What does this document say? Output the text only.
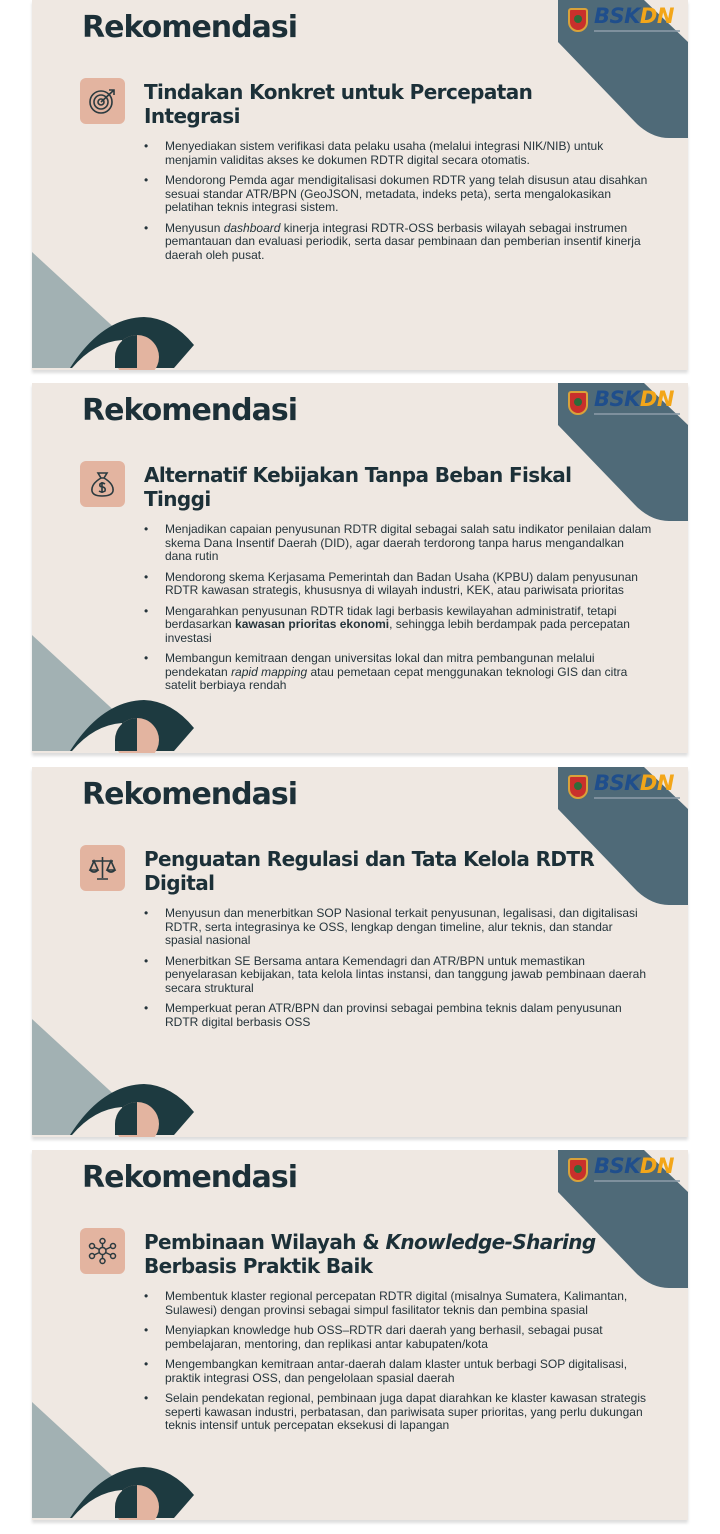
Rekomendasi	BSKDN
Tindakan Konkret untuk Percepatan Integrasi
• Menyediakan sistem verifikasi data pelaku usaha (melalui integrasi NIK/NIB) untuk menjamin validitas akses ke dokumen RDTR digital secara otomatis.
• Mendorong Pemda agar mendigitalisasi dokumen RDTR yang telah disusun atau disahkan sesuai standar ATR/BPN (GeoJSON, metadata, indeks peta), serta mengalokasikan pelatihan teknis integrasi sistem.
• Menyusun dashboard kinerja integrasi RDTR-OSS berbasis wilayah sebagai instrumen pemantauan dan evaluasi periodik, serta dasar pembinaan dan pemberian insentif kinerja daerah oleh pusat.
Rekomendasi	BSKDN
Alternatif Kebijakan Tanpa Beban Fiskal Tinggi
• Menjadikan capaian penyusunan RDTR digital sebagai salah satu indikator penilaian dalam skema Dana Insentif Daerah (DID), agar daerah terdorong tanpa harus mengandalkan dana rutin
• Mendorong skema Kerjasama Pemerintah dan Badan Usaha (KPBU) dalam penyusunan RDTR kawasan strategis, khususnya di wilayah industri, KEK, atau pariwisata prioritas
• Mengarahkan penyusunan RDTR tidak lagi berbasis kewilayahan administratif, tetapi berdasarkan kawasan prioritas ekonomi, sehingga lebih berdampak pada percepatan investasi
• Membangun kemitraan dengan universitas lokal dan mitra pembangunan melalui pendekatan rapid mapping atau pemetaan cepat menggunakan teknologi GIS dan citra satelit berbiaya rendah
Rekomendasi	BSKDN
Penguatan Regulasi dan Tata Kelola RDTR Digital
• Menyusun dan menerbitkan SOP Nasional terkait penyusunan, legalisasi, dan digitalisasi RDTR, serta integrasinya ke OSS, lengkap dengan timeline, alur teknis, dan standar spasial nasional
• Menerbitkan SE Bersama antara Kemendagri dan ATR/BPN untuk memastikan penyelarasan kebijakan, tata kelola lintas instansi, dan tanggung jawab pembinaan daerah secara struktural
• Memperkuat peran ATR/BPN dan provinsi sebagai pembina teknis dalam penyusunan RDTR digital berbasis OSS
Rekomendasi	BSKDN
Pembinaan Wilayah & Knowledge-Sharing Berbasis Praktik Baik
• Membentuk klaster regional percepatan RDTR digital (misalnya Sumatera, Kalimantan, Sulawesi) dengan provinsi sebagai simpul fasilitator teknis dan pembina spasial
• Menyiapkan knowledge hub OSS–RDTR dari daerah yang berhasil, sebagai pusat pembelajaran, mentoring, dan replikasi antar kabupaten/kota
• Mengembangkan kemitraan antar-daerah dalam klaster untuk berbagi SOP digitalisasi, praktik integrasi OSS, dan pengelolaan spasial daerah
• Selain pendekatan regional, pembinaan juga dapat diarahkan ke klaster kawasan strategis seperti kawasan industri, perbatasan, dan pariwisata super prioritas, yang perlu dukungan teknis intensif untuk percepatan eksekusi di lapangan
